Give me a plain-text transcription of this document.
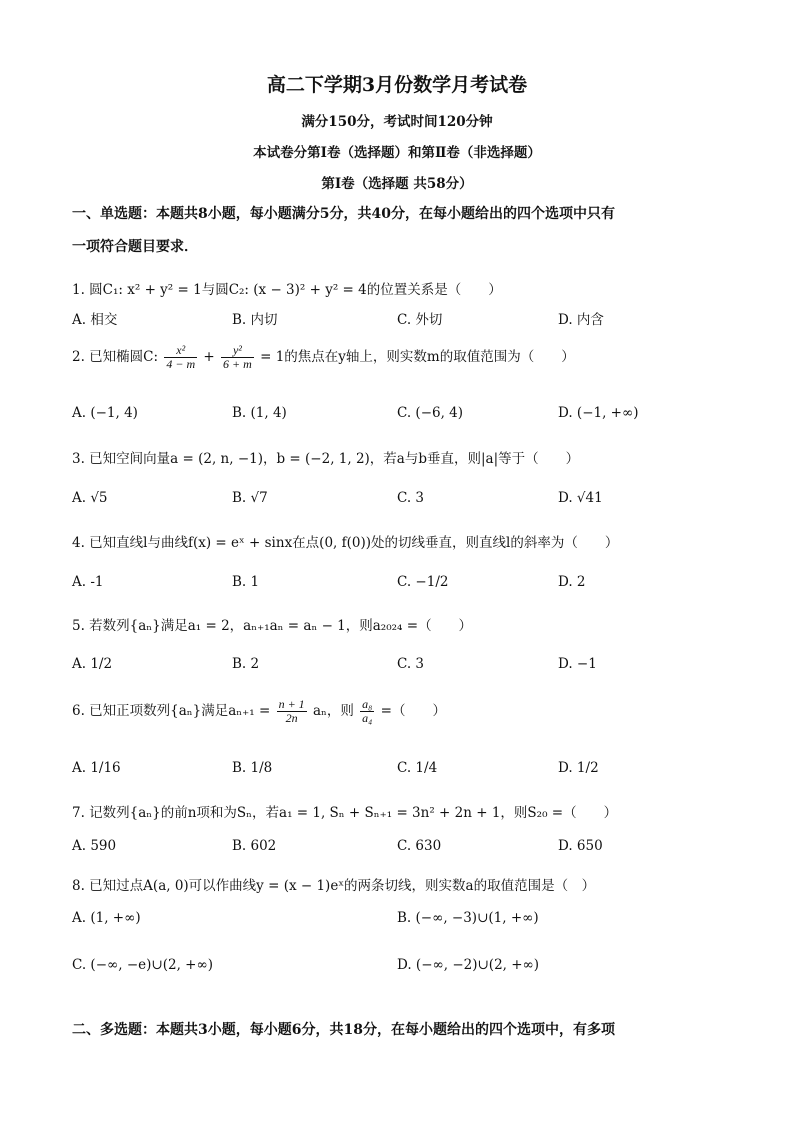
高二下学期3月份数学月考试卷
满分150分，考试时间120分钟
本试卷分第Ⅰ卷（选择题）和第Ⅱ卷（非选择题）
第Ⅰ卷（选择题 共58分）
一、单选题：本题共8小题，每小题满分5分，共40分，在每小题给出的四个选项中只有
一项符合题目要求．
1. 圆C₁: x² + y² = 1与圆C₂: (x − 3)² + y² = 4的位置关系是（　　）
A. 相交	B. 内切	C. 外切	D. 内含
2. 已知椭圆C: $\frac{\text{x²}}{4 - m} + \frac{\text{y²}}{6 + m} = 1$的焦点在y轴上，则实数m的取值范围为（　　）
A. (−1, 4)	B. (1, 4)	C. (−6, 4)	D. (−1, +∞)
3. 已知空间向量a = (2, n, −1)，b = (−2, 1, 2)，若a与b垂直，则|a|等于（　　）
A. √5	B. √7	C. 3	D. √41
4. 已知直线l与曲线f(x) = eˣ + sinx在点(0, f(0))处的切线垂直，则直线l的斜率为（　　）
A. -1	B. 1	C. −1/2	D. 2
5. 若数列{aₙ}满足a₁ = 2，aₙ₊₁aₙ = aₙ − 1，则a₂₀₂₄ =（　　）
A. 1/2	B. 2	C. 3	D. −1
6. 已知正项数列{aₙ}满足$a_{n+1} = \frac{n + 1}{2n}$ aₙ，则 $\frac{\text{a₈}}{\text{a₄}}$ =（　　）
A. 1/16	B. 1/8	C. 1/4	D. 1/2
7. 记数列{aₙ}的前n项和为Sₙ，若a₁ = 1, Sₙ + Sₙ₊₁ = 3n² + 2n + 1，则S₂₀ =（　　）
A. 590	B. 602	C. 630	D. 650
8. 已知过点A(a, 0)可以作曲线y = (x − 1)eˣ的两条切线，则实数a的取值范围是（　）
A. (1, +∞)	B. (−∞, −3)∪(1, +∞)
C. (−∞, −e)∪(2, +∞)	D. (−∞, −2)∪(2, +∞)
二、多选题：本题共3小题，每小题6分，共18分，在每小题给出的四个选项中，有多项
